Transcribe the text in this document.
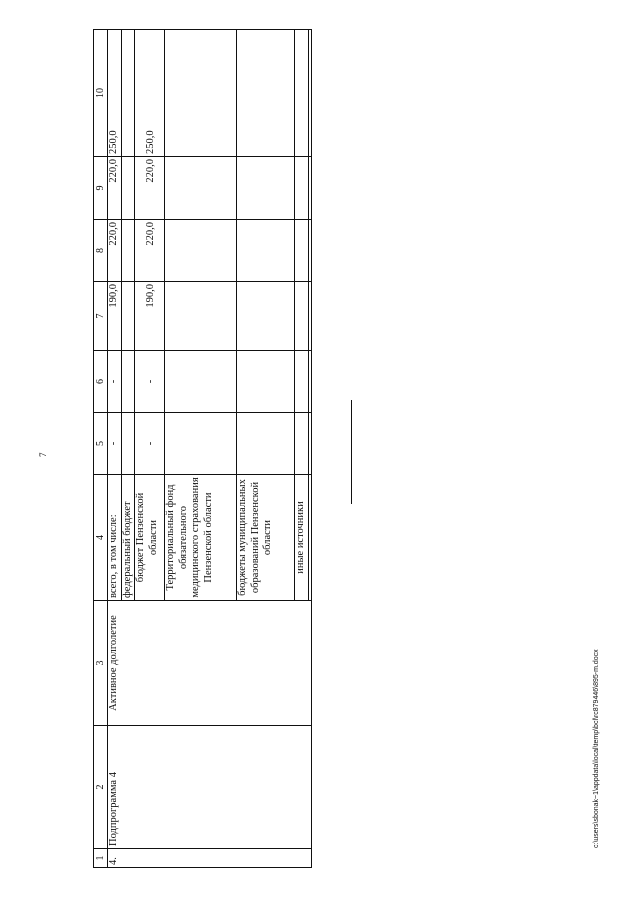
7
c:\users\sbonak~1\appdata\local\temp\bcl\rc879446\895-m.docx
1	2	3	4	5	6	7	8	9	10
4.	Подпрограмма 4	Активное долголетие	всего, в том числе:	-	-	190,0	220,0	220,0	250,0
			федеральный бюджет						
			бюджет Пензенской области	-	-	190,0	220,0	220,0	250,0
			Территориальный фонд обязательного медицинского страхования Пензенской области						
			бюджеты муниципальных образований Пензенской области						
			иные источники						
